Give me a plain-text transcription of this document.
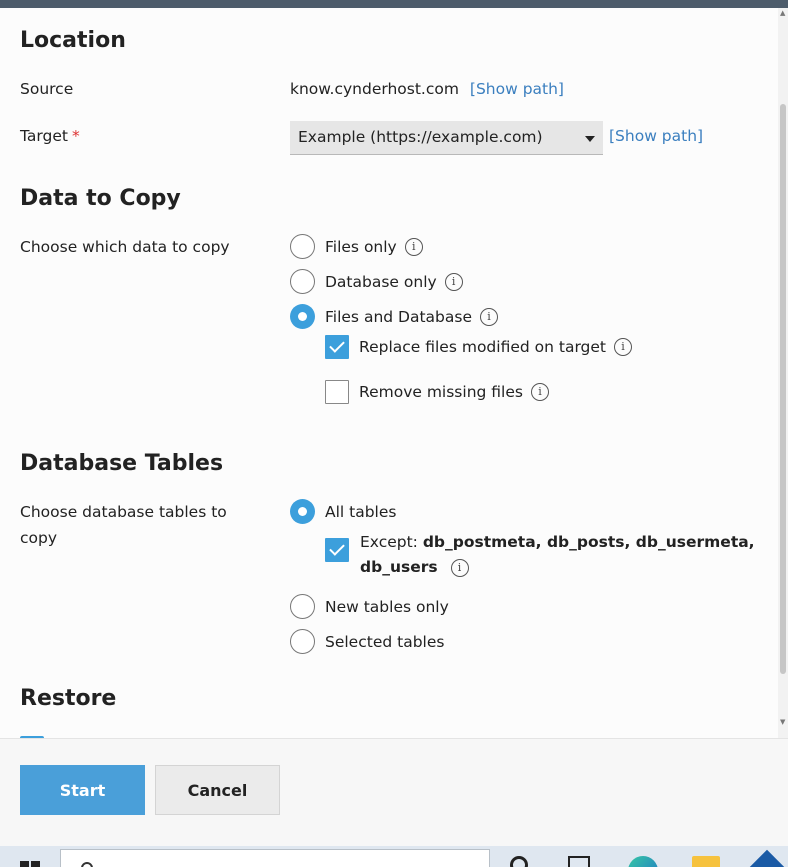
Location
Source	know.cynderhost.com [Show path]
Target *	Example (https://example.com)	[Show path]
Data to Copy
Choose which data to copy	Files only	i
Database only	i
Files and Database	i
Replace files modified on target	i
Remove missing files	i
Database Tables
Choose database tables to copy
All tables
Except: db_postmeta, db_posts, db_usermeta, db_users i
New tables only
Selected tables
Restore
▲
▼
Start	Cancel
